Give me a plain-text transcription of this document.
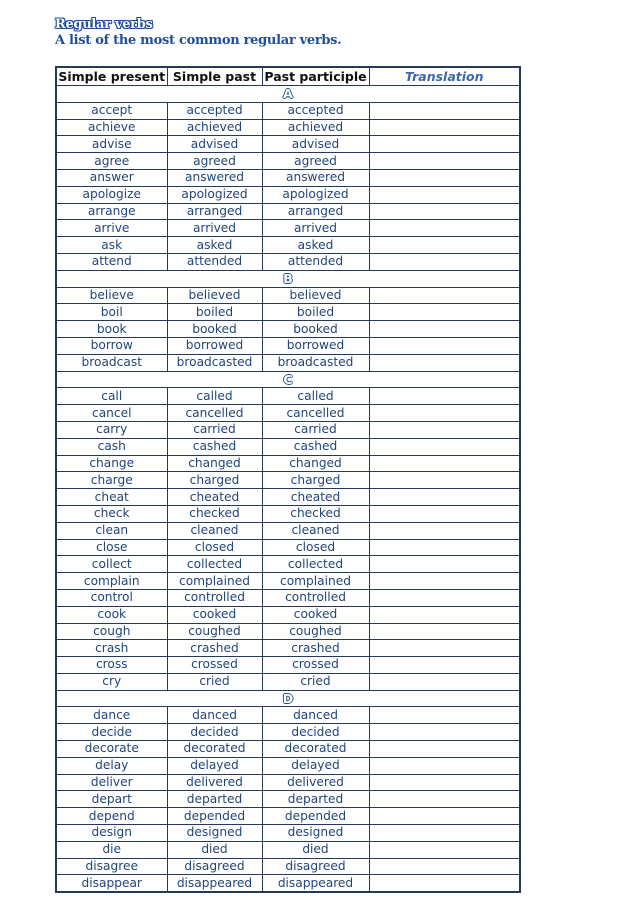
Regular verbs
A list of the most common regular verbs.
Simple present	Simple past	Past participle	Translation
A			
accept	accepted	accepted	
achieve	achieved	achieved	
advise	advised	advised	
agree	agreed	agreed	
answer	answered	answered	
apologize	apologized	apologized	
arrange	arranged	arranged	
arrive	arrived	arrived	
ask	asked	asked	
attend	attended	attended	
B			
believe	believed	believed	
boil	boiled	boiled	
book	booked	booked	
borrow	borrowed	borrowed	
broadcast	broadcasted	broadcasted	
C			
call	called	called	
cancel	cancelled	cancelled	
carry	carried	carried	
cash	cashed	cashed	
change	changed	changed	
charge	charged	charged	
cheat	cheated	cheated	
check	checked	checked	
clean	cleaned	cleaned	
close	closed	closed	
collect	collected	collected	
complain	complained	complained	
control	controlled	controlled	
cook	cooked	cooked	
cough	coughed	coughed	
crash	crashed	crashed	
cross	crossed	crossed	
cry	cried	cried	
D			
dance	danced	danced	
decide	decided	decided	
decorate	decorated	decorated	
delay	delayed	delayed	
deliver	delivered	delivered	
depart	departed	departed	
depend	depended	depended	
design	designed	designed	
die	died	died	
disagree	disagreed	disagreed	
disappear	disappeared	disappeared	
